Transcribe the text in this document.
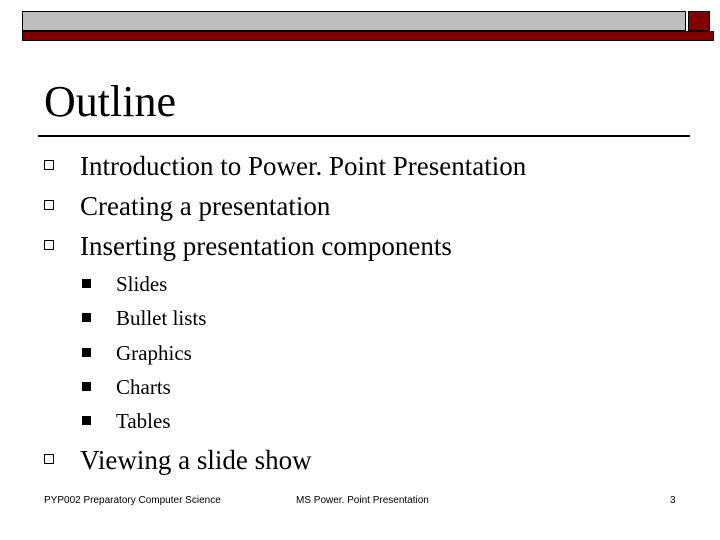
Outline
Introduction to Power. Point Presentation
Creating a presentation
Inserting presentation components
Slides
Bullet lists
Graphics
Charts
Tables
Viewing a slide show
PYP002 Preparatory Computer Science	MS Power. Point Presentation	3
